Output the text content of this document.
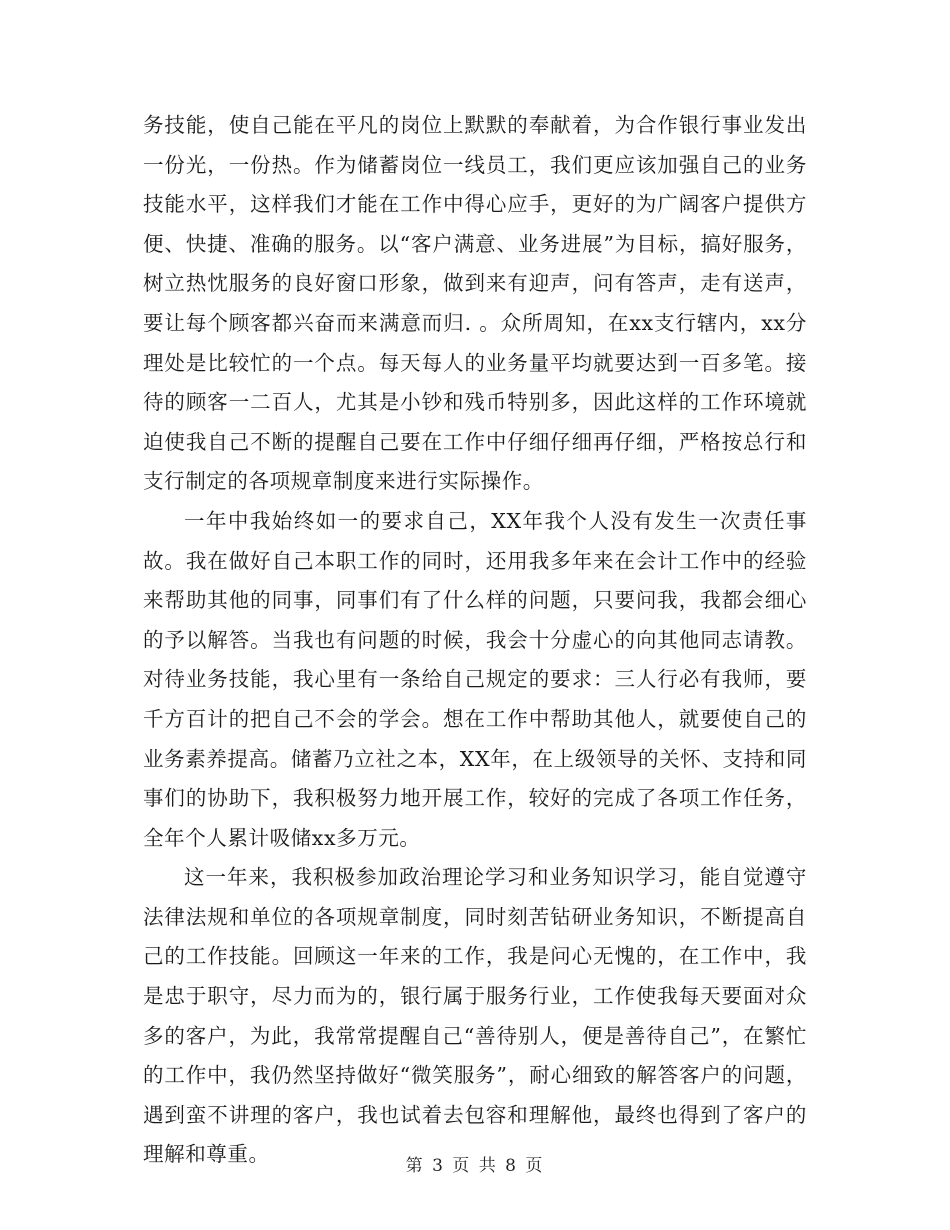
务技能，使自己能在平凡的岗位上默默的奉献着，为合作银行事业发出一份光，一份热。作为储蓄岗位一线员工，我们更应该加强自己的业务技能水平，这样我们才能在工作中得心应手，更好的为广阔客户提供方便、快捷、准确的服务。以“客户满意、业务进展”为目标，搞好服务，树立热忱服务的良好窗口形象，做到来有迎声，问有答声，走有送声，要让每个顾客都兴奋而来满意而归. 。众所周知，在xx支行辖内，xx分理处是比较忙的一个点。每天每人的业务量平均就要达到一百多笔。接待的顾客一二百人，尤其是小钞和残币特别多，因此这样的工作环境就迫使我自己不断的提醒自己要在工作中仔细仔细再仔细，严格按总行和支行制定的各项规章制度来进行实际操作。

一年中我始终如一的要求自己，XX年我个人没有发生一次责任事故。我在做好自己本职工作的同时，还用我多年来在会计工作中的经验来帮助其他的同事，同事们有了什么样的问题，只要问我，我都会细心的予以解答。当我也有问题的时候，我会十分虚心的向其他同志请教。对待业务技能，我心里有一条给自己规定的要求：三人行必有我师，要千方百计的把自己不会的学会。想在工作中帮助其他人，就要使自己的业务素养提高。储蓄乃立社之本，XX年，在上级领导的关怀、支持和同事们的协助下，我积极努力地开展工作，较好的完成了各项工作任务，全年个人累计吸储xx多万元。

这一年来，我积极参加政治理论学习和业务知识学习，能自觉遵守法律法规和单位的各项规章制度，同时刻苦钻研业务知识，不断提高自己的工作技能。回顾这一年来的工作，我是问心无愧的，在工作中，我是忠于职守，尽力而为的，银行属于服务行业，工作使我每天要面对众多的客户，为此，我常常提醒自己“善待别人，便是善待自己”，在繁忙的工作中，我仍然坚持做好“微笑服务”，耐心细致的解答客户的问题，遇到蛮不讲理的客户，我也试着去包容和理解他，最终也得到了客户的理解和尊重。	第 3 页 共 8 页
